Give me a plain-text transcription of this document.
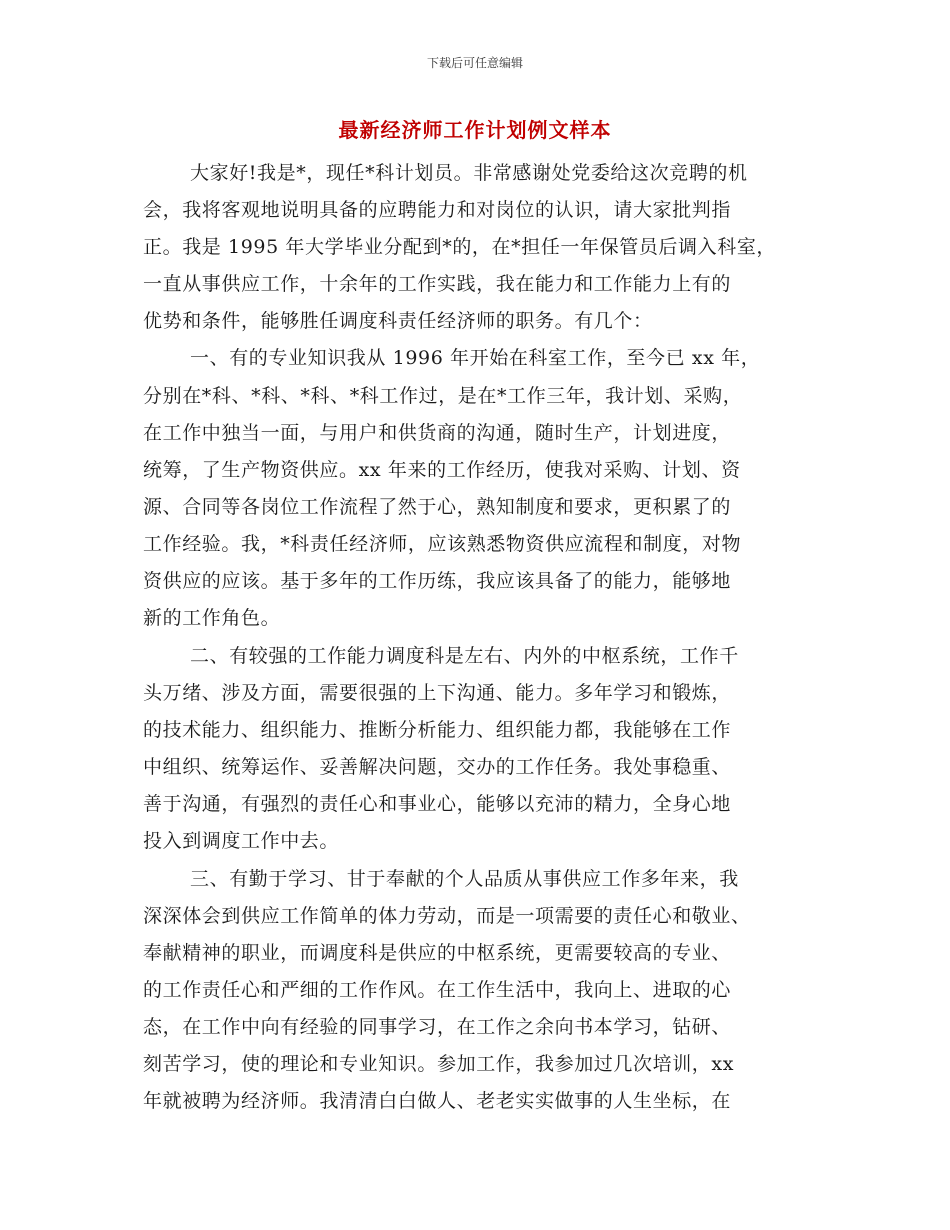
下载后可任意编辑
最新经济师工作计划例文样本
大家好!我是*，现任*科计划员。非常感谢处党委给这次竞聘的机
会，我将客观地说明具备的应聘能力和对岗位的认识，请大家批判指
正。我是 1995 年大学毕业分配到*的，在*担任一年保管员后调入科室，
一直从事供应工作，十余年的工作实践，我在能力和工作能力上有的
优势和条件，能够胜任调度科责任经济师的职务。有几个：
一、有的专业知识我从 1996 年开始在科室工作，至今已 xx 年，
分别在*科、*科、*科、*科工作过，是在*工作三年，我计划、采购，
在工作中独当一面，与用户和供货商的沟通，随时生产，计划进度，
统筹，了生产物资供应。xx 年来的工作经历，使我对采购、计划、资
源、合同等各岗位工作流程了然于心，熟知制度和要求，更积累了的
工作经验。我，*科责任经济师，应该熟悉物资供应流程和制度，对物
资供应的应该。基于多年的工作历练，我应该具备了的能力，能够地
新的工作角色。
二、有较强的工作能力调度科是左右、内外的中枢系统，工作千
头万绪、涉及方面，需要很强的上下沟通、能力。多年学习和锻炼，
的技术能力、组织能力、推断分析能力、组织能力都，我能够在工作
中组织、统筹运作、妥善解决问题，交办的工作任务。我处事稳重、
善于沟通，有强烈的责任心和事业心，能够以充沛的精力，全身心地
投入到调度工作中去。
三、有勤于学习、甘于奉献的个人品质从事供应工作多年来，我
深深体会到供应工作简单的体力劳动，而是一项需要的责任心和敬业、
奉献精神的职业，而调度科是供应的中枢系统，更需要较高的专业、
的工作责任心和严细的工作作风。在工作生活中，我向上、进取的心
态，在工作中向有经验的同事学习，在工作之余向书本学习，钻研、
刻苦学习，使的理论和专业知识。参加工作，我参加过几次培训，xx
年就被聘为经济师。我清清白白做人、老老实实做事的人生坐标，在
